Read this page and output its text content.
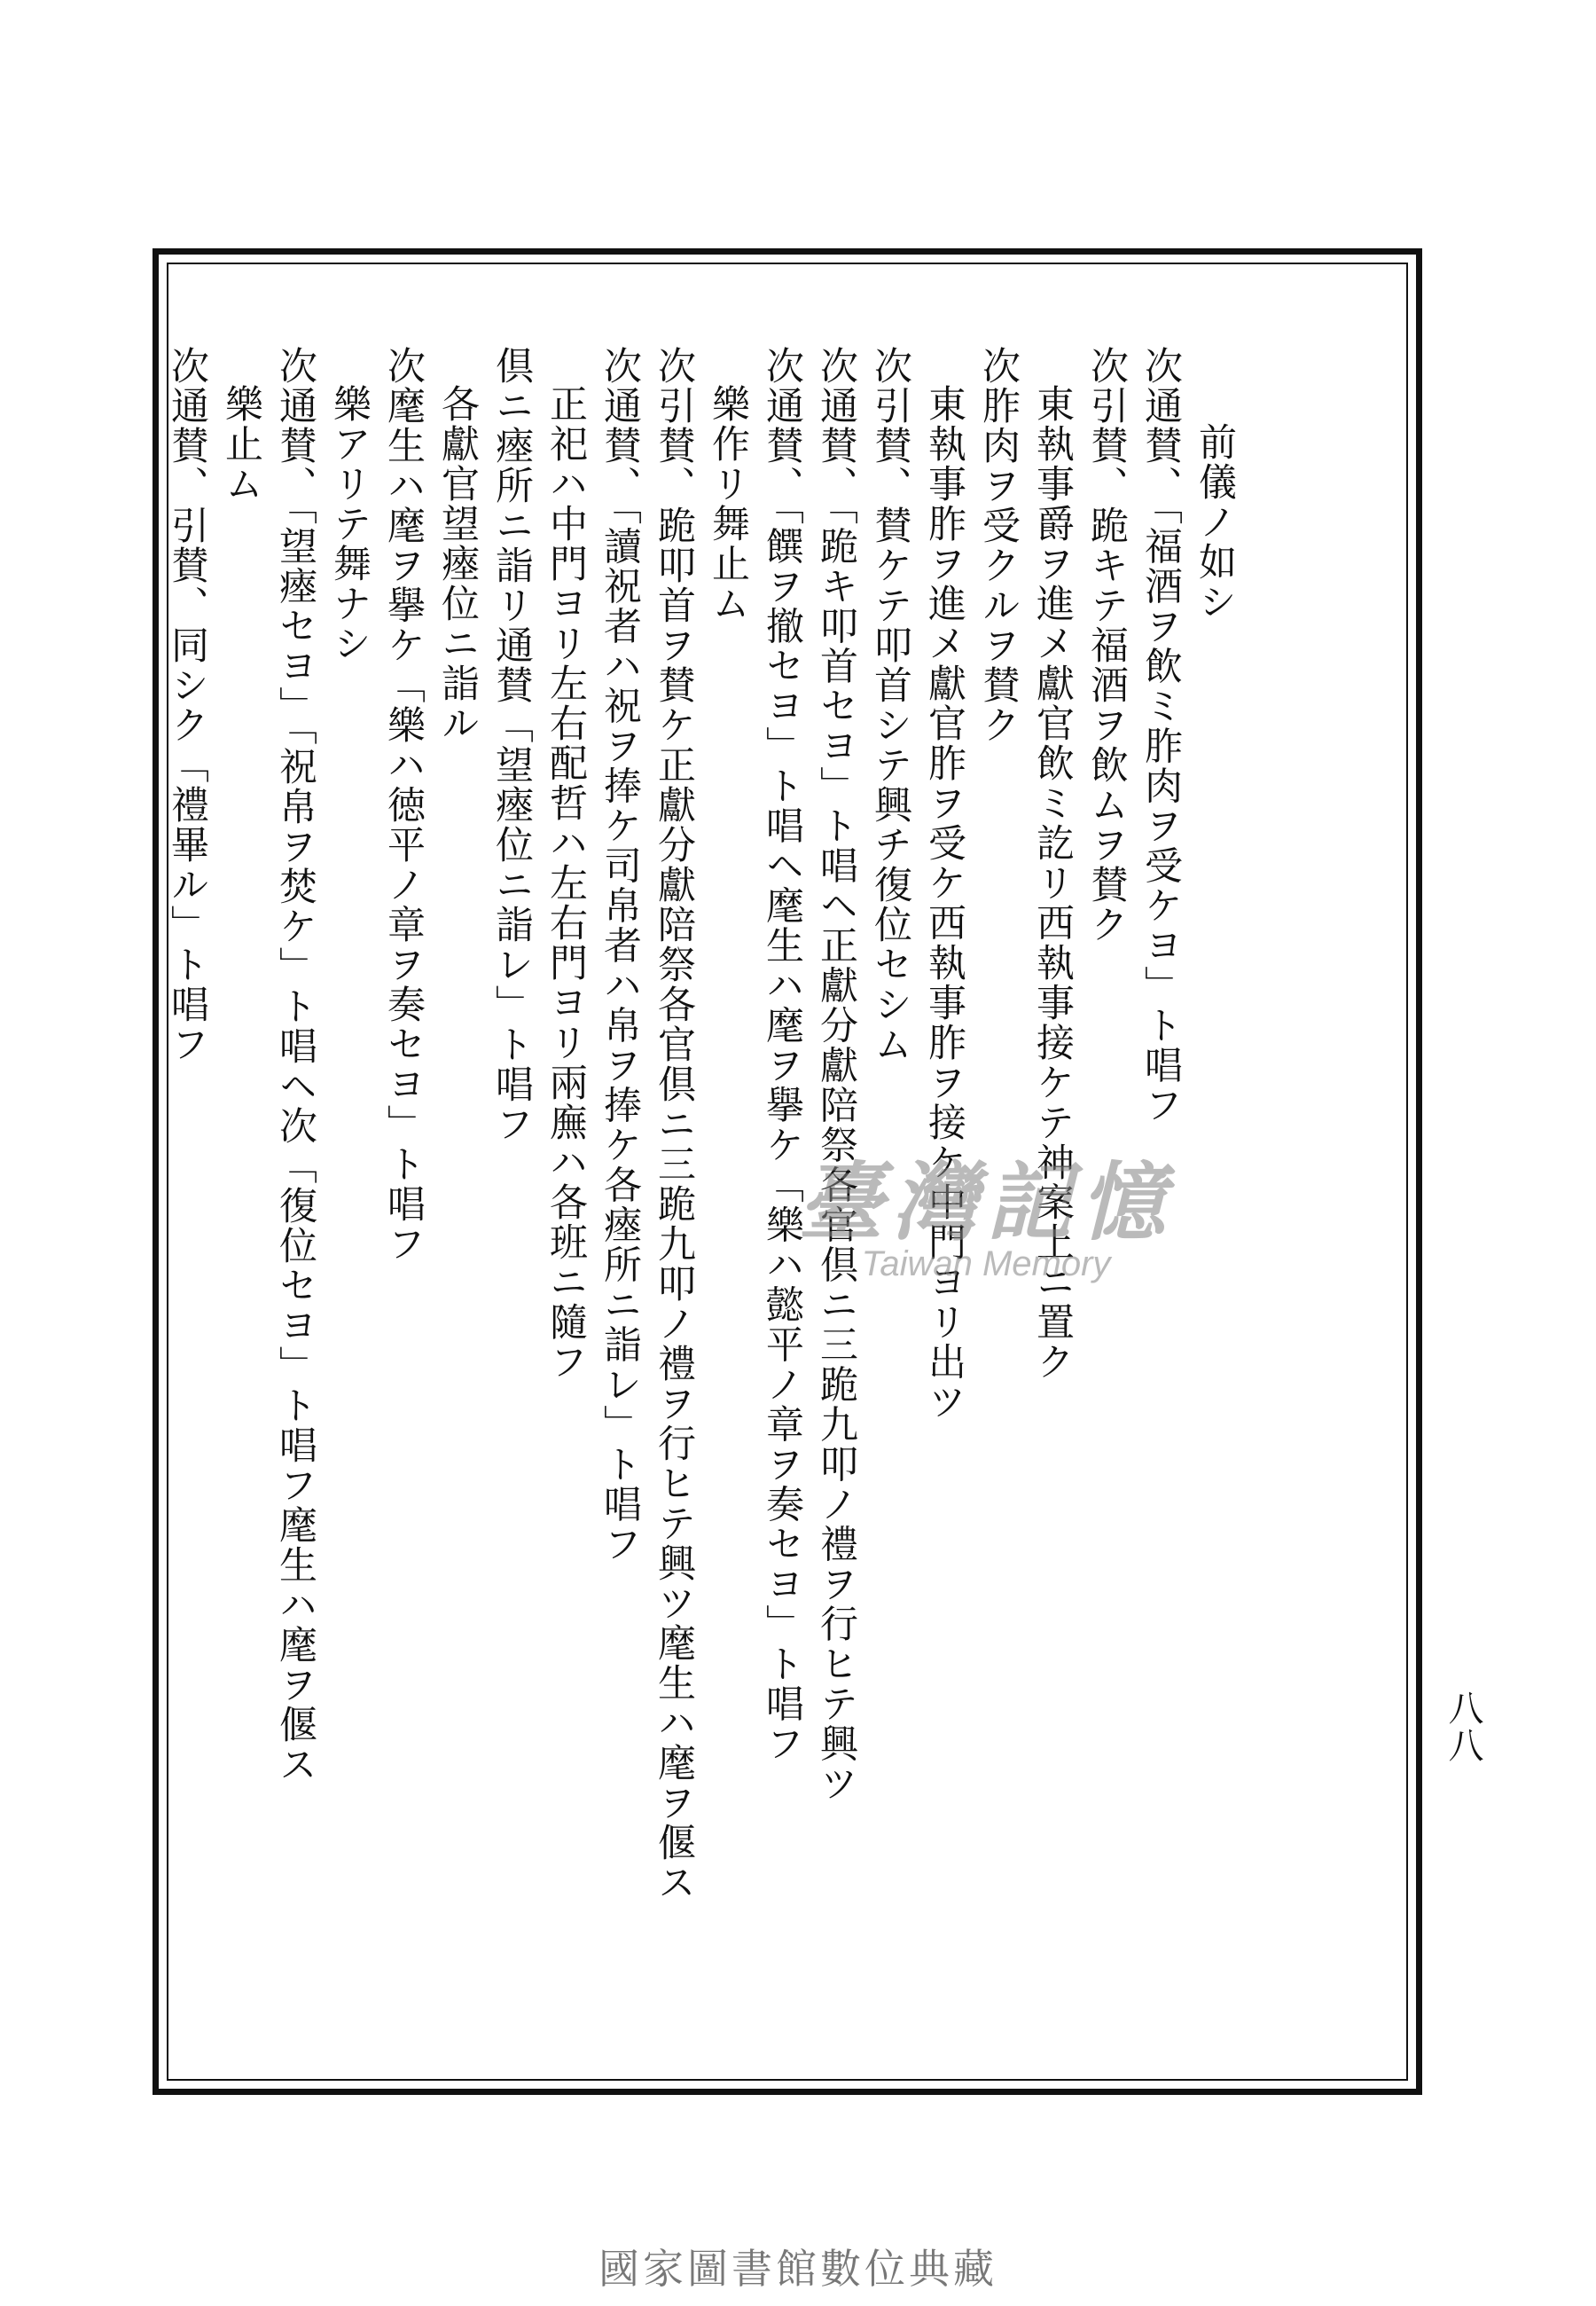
前儀ノ如シ
次通賛、「福酒ヲ飲ミ胙肉ヲ受ケヨ」ト唱フ
次引賛、跪キテ福酒ヲ飲ムヲ賛ク
東執事爵ヲ進メ獻官飲ミ訖リ西執事接ケテ神案上ニ置ク
次胙肉ヲ受クルヲ賛ク
東執事胙ヲ進メ獻官胙ヲ受ケ西執事胙ヲ接ケ中門ヨリ出ツ
次引賛、賛ケテ叩首シテ興チ復位セシム
次通賛、「跪キ叩首セヨ」ト唱ヘ正獻分獻陪祭各官倶ニ三跪九叩ノ禮ヲ行ヒテ興ツ
次通賛、「饌ヲ撤セヨ」ト唱ヘ麾生ハ麾ヲ擧ケ「樂ハ懿平ノ章ヲ奏セヨ」ト唱フ
樂作リ舞止ム
次引賛、跪叩首ヲ賛ケ正獻分獻陪祭各官倶ニ三跪九叩ノ禮ヲ行ヒテ興ツ麾生ハ麾ヲ偃ス
次通賛、「讀祝者ハ祝ヲ捧ケ司帛者ハ帛ヲ捧ケ各瘞所ニ詣レ」ト唱フ
正祀ハ中門ヨリ左右配哲ハ左右門ヨリ兩廡ハ各班ニ隨フ
倶ニ瘞所ニ詣リ通賛「望瘞位ニ詣レ」ト唱フ
各獻官望瘞位ニ詣ル
次麾生ハ麾ヲ擧ケ「樂ハ徳平ノ章ヲ奏セヨ」ト唱フ
樂アリテ舞ナシ
次通賛、「望瘞セヨ」「祝帛ヲ焚ケ」ト唱ヘ次「復位セヨ」ト唱フ麾生ハ麾ヲ偃ス
樂止ム
次通賛、引賛、同シク「禮畢ル」ト唱フ
八八
臺灣記憶
Taiwan Memory
國家圖書館數位典藏
